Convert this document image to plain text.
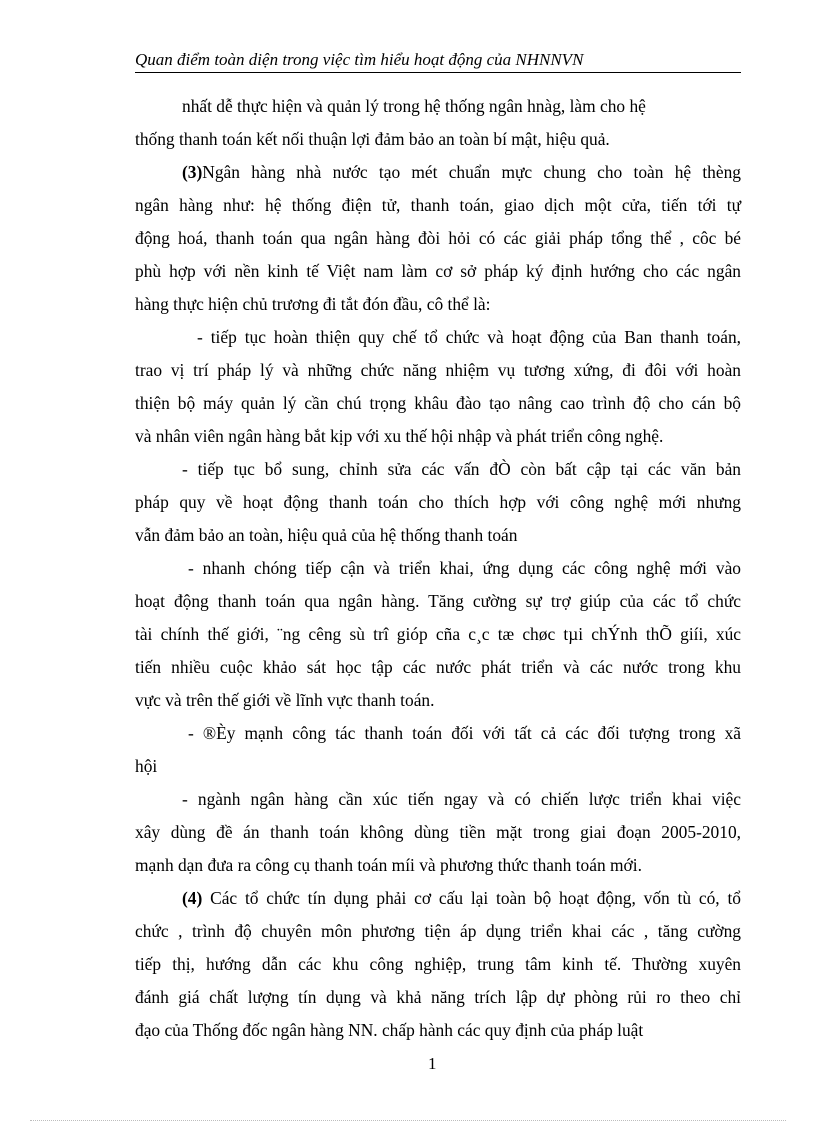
Quan điểm toàn diện trong việc tìm hiểu hoạt động của NHNNVN
nhất dễ thực hiện và quản lý trong hệ thống ngân hnàg, làm cho hệ
thống thanh toán kết nối thuận lợi đảm bảo an toàn bí mật, hiệu quả.
(3)Ngân hàng nhà nước tạo mét chuẩn mực chung cho toàn hệ thèng
ngân hàng như: hệ thống điện tử, thanh toán, giao dịch một cửa, tiến tới tự
động hoá, thanh toán qua ngân hàng đòi hỏi có các giải pháp tổng thể , côc bé
phù hợp với nền kinh tế Việt nam làm cơ sở pháp ký định hướng cho các ngân
hàng thực hiện chủ trương đi tắt đón đầu, cô thể là:
- tiếp tục hoàn thiện quy chế tổ chức và hoạt động của Ban thanh toán,
trao vị trí pháp lý và những chức năng nhiệm vụ tương xứng, đi đôi với hoàn
thiện bộ máy quản lý cần chú trọng khâu đào tạo nâng cao trình độ cho cán bộ
và nhân viên ngân hàng bắt kịp với xu thế hội nhập và phát triển công nghệ.
- tiếp tục bổ sung, chỉnh sửa các vấn đÒ còn bất cập tại các văn bản
pháp quy về hoạt động thanh toán cho thích hợp với công nghệ mới nhưng
vẫn đảm bảo an toàn, hiệu quả của hệ thống thanh toán
- nhanh chóng tiếp cận và triển khai, ứng dụng các công nghệ mới vào
hoạt động thanh toán qua ngân hàng. Tăng cường sự trợ giúp của các tổ chức
tài chính thế giới, ¨ng cêng sù trî gióp cña c¸c tæ chøc tµi chÝnh thÕ giíi, xúc
tiến nhiều cuộc khảo sát học tập các nước phát triển và các nước trong khu
vực và trên thế giới về lĩnh vực thanh toán.
- ®Èy mạnh công tác thanh toán đối với tất cả các đối tượng trong xã
hội
- ngành ngân hàng cần xúc tiến ngay và có chiến lược triển khai việc
xây dùng đề án thanh toán không dùng tiền mặt trong giai đoạn 2005-2010,
mạnh dạn đưa ra công cụ thanh toán míi và phương thức thanh toán mới.
(4) Các tổ chức tín dụng phải cơ cấu lại toàn bộ hoạt động, vốn tù có, tổ
chức , trình độ chuyên môn phương tiện áp dụng triển khai các , tăng cường
tiếp thị, hướng dẫn các khu công nghiệp, trung tâm kinh tế. Thường xuyên
đánh giá chất lượng tín dụng và khả năng trích lập dự phòng rủi ro theo chỉ
đạo của Thống đốc ngân hàng NN. chấp hành các quy định của pháp luật
1
